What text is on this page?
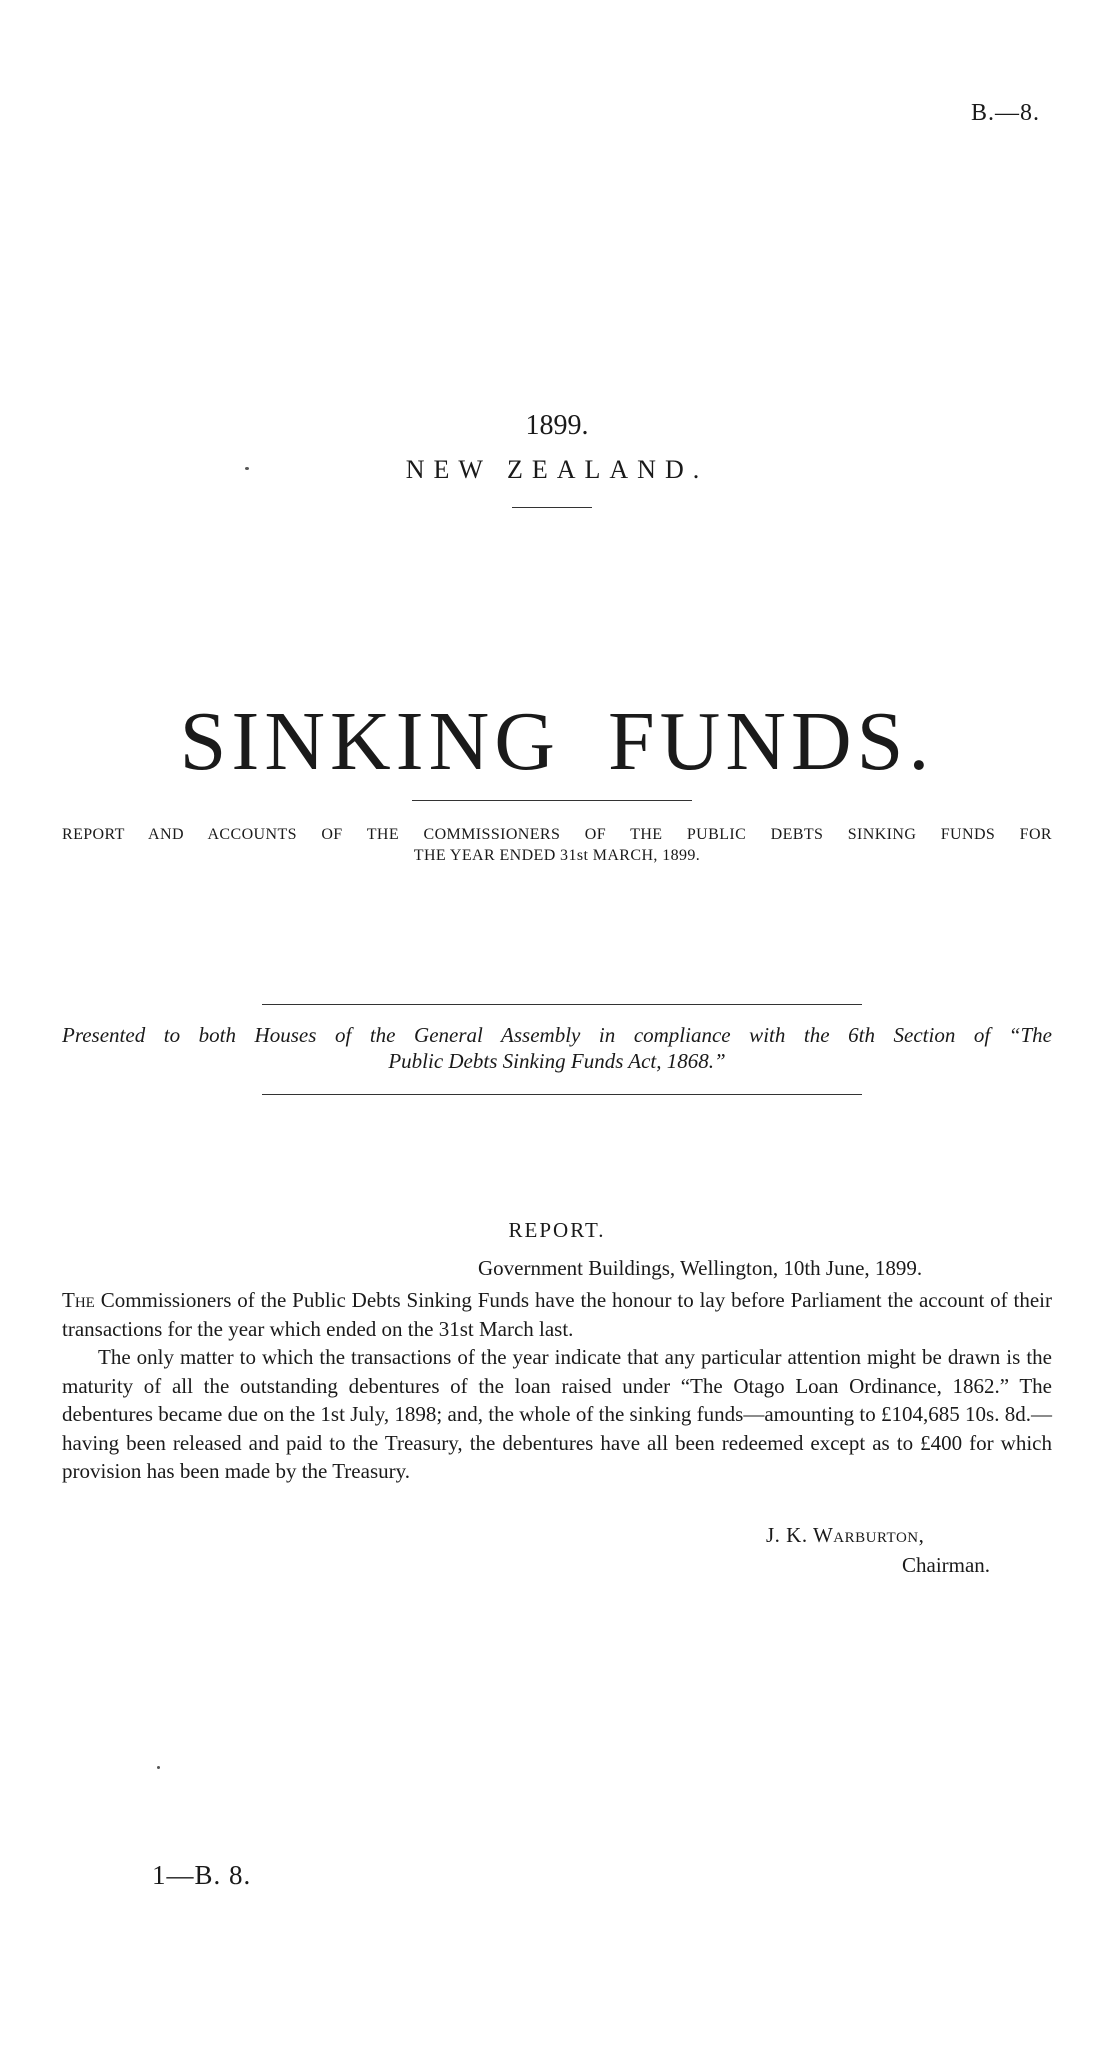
B.—8.
1899.
NEW ZEALAND.
SINKING FUNDS.
REPORT AND ACCOUNTS OF THE COMMISSIONERS OF THE PUBLIC DEBTS SINKING FUNDS FOR
THE YEAR ENDED 31st MARCH, 1899.
Presented to both Houses of the General Assembly in compliance with the 6th Section of “The
Public Debts Sinking Funds Act, 1868.”
REPORT.
Government Buildings, Wellington, 10th June, 1899.

The Commissioners of the Public Debts Sinking Funds have the honour to lay before Parliament the account of their transactions for the year which ended on the 31st March last.

The only matter to which the transactions of the year indicate that any particular attention might be drawn is the maturity of all the outstanding debentures of the loan raised under “The Otago Loan Ordinance, 1862.” The debentures became due on the 1st July, 1898; and, the whole of the sinking funds—amounting to £104,685 10s. 8d.—having been released and paid to the Treasury, the debentures have all been redeemed except as to £400 for which provision has been made by the Treasury.

J. K. Warburton,
Chairman.
1—B. 8.
